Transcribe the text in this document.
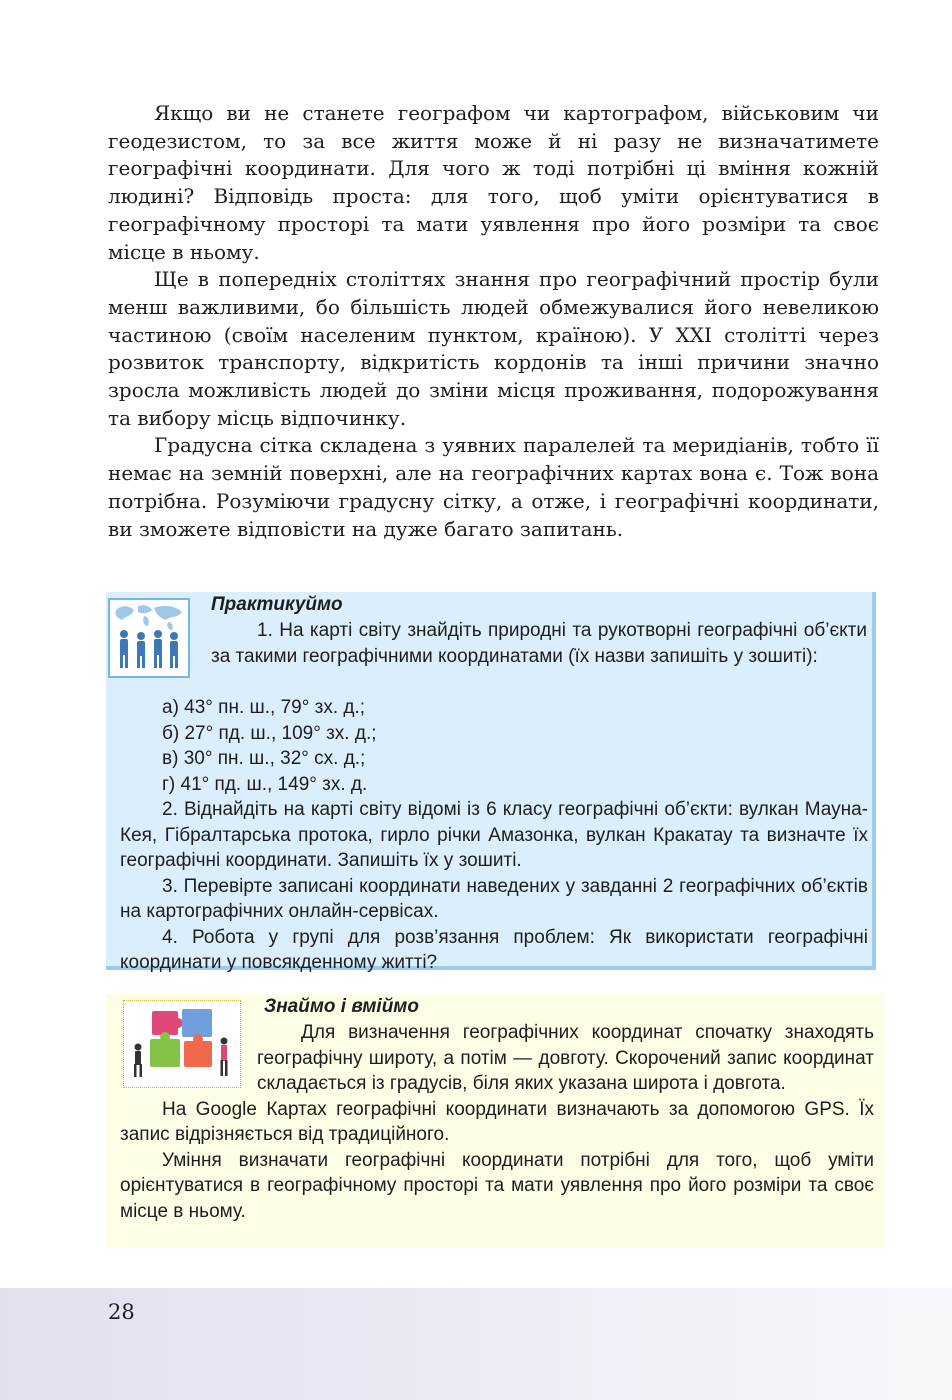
Якщо ви не станете географом чи картографом, військовим чи геодезистом, то за все життя може й ні разу не визначатимете географічні координати. Для чого ж тоді потрібні ці вміння кожній людині? Відповідь проста: для того, щоб уміти орієнтуватися в географічному просторі та мати уявлення про його розміри та своє місце в ньому.

Ще в попередніх століттях знання про географічний простір були менш важливими, бо більшість людей обмежувалися його невеликою частиною (своїм населеним пунктом, країною). У ХХІ столітті через розвиток транспорту, відкритість кордонів та інші причини значно зросла можливість людей до зміни місця проживання, подорожування та вибору місць відпочинку.

Градусна сітка складена з уявних паралелей та меридіанів, тобто її немає на земній поверхні, але на географічних картах вона є. Тож вона потрібна. Розуміючи градусну сітку, а отже, і географічні координати, ви зможете відповісти на дуже багато запитань.

Практикуймо

1. На карті світу знайдіть природні та рукотворні географічні об’єкти за такими географічними координатами (їх назви запишіть у зошиті):

а) 43° пн. ш., 79° зх. д.;

б) 27° пд. ш., 109° зх. д.;

в) 30° пн. ш., 32° сх. д.;

г) 41° пд. ш., 149° зх. д.

2. Віднайдіть на карті світу відомі із 6 класу географічні об’єкти: вулкан Мауна-Кея, Гібралтарська протока, гирло річки Амазонка, вулкан Кракатау та визначте їх географічні координати. Запишіть їх у зошиті.

3. Перевірте записані координати наведених у завданні 2 географічних об’єктів на картографічних онлайн-сервісах.

4. Робота у групі для розв’язання проблем: Як використати географічні координати у повсякденному житті?

Знаймо і вміймо

Для визначення географічних координат спочатку знаходять географічну широту, а потім — довготу. Скорочений запис координат складається із градусів, біля яких указана широта і довгота.

На Google Картах географічні координати визначають за допомогою GPS. Їх запис відрізняється від традиційного.

Уміння визначати географічні координати потрібні для того, щоб уміти орієнтуватися в географічному просторі та мати уявлення про його розміри та своє місце в ньому.

28
